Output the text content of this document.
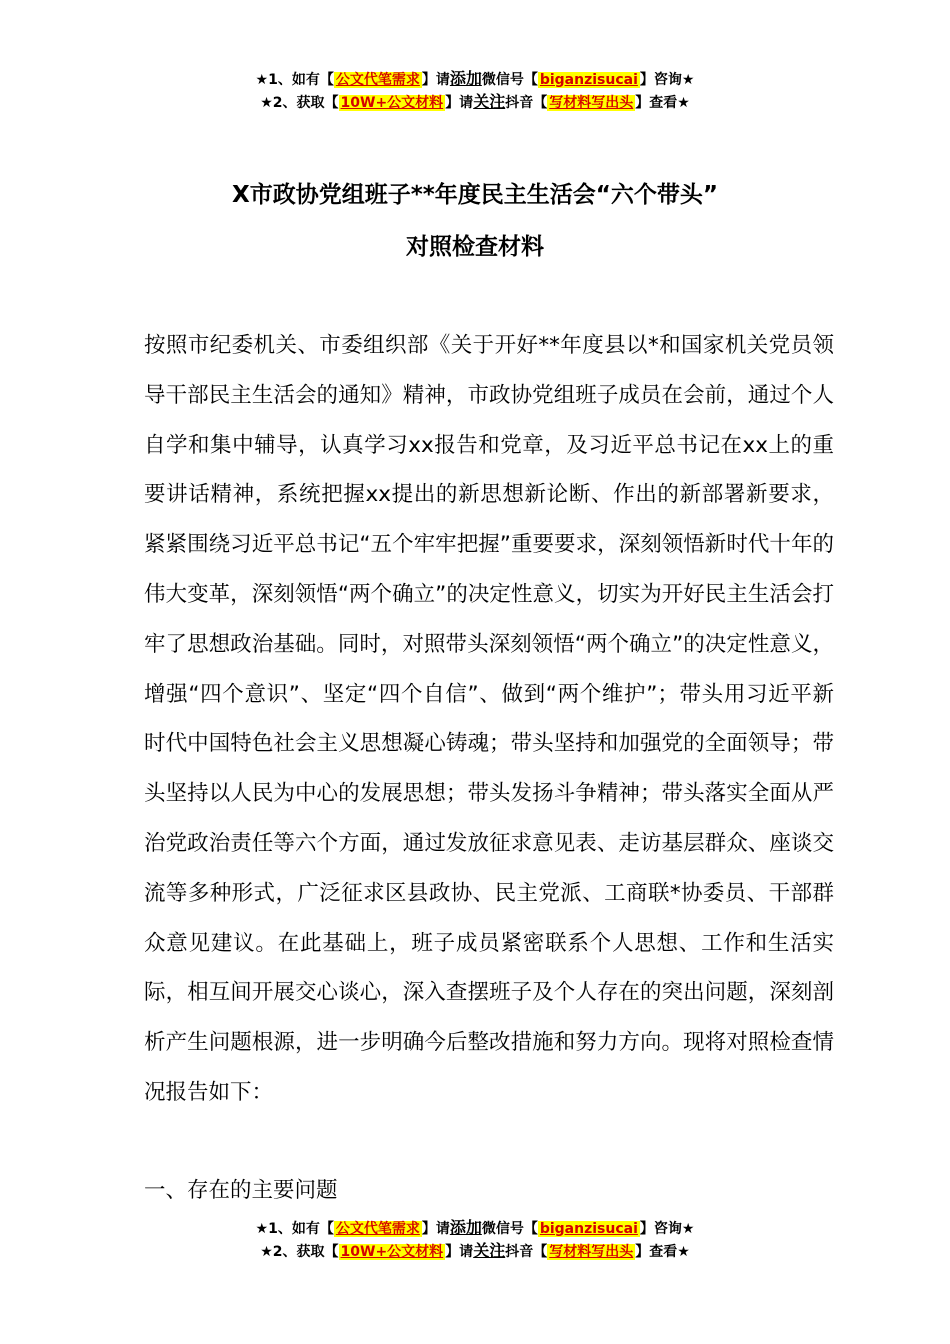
★1、如有【 公文代笔需求 】请添加微信号【 biganzisucai 】咨询★
★2、获取【 10W+公文材料 】请关注抖音【 写材料写出头 】查看★
X市政协党组班子**年度民主生活会“六个带头”
对照检查材料

按照市纪委机关、市委组织部《关于开好**年度县以*和国家机关党员领导干部民主生活会的通知》精神，市政协党组班子成员在会前，通过个人自学和集中辅导，认真学习xx报告和党章，及习近平总书记在xx上的重要讲话精神，系统把握xx提出的新思想新论断、作出的新部署新要求，紧紧围绕习近平总书记“五个牢牢把握”重要要求，深刻领悟新时代十年的伟大变革，深刻领悟“两个确立”的决定性意义，切实为开好民主生活会打牢了思想政治基础。同时，对照带头深刻领悟“两个确立”的决定性意义，增强“四个意识”、坚定“四个自信”、做到“两个维护”；带头用习近平新时代中国特色社会主义思想凝心铸魂；带头坚持和加强党的全面领导；带头坚持以人民为中心的发展思想；带头发扬斗争精神；带头落实全面从严治党政治责任等六个方面，通过发放征求意见表、走访基层群众、座谈交流等多种形式，广泛征求区县政协、民主党派、工商联*协委员、干部群众意见建议。在此基础上，班子成员紧密联系个人思想、工作和生活实际，相互间开展交心谈心，深入查摆班子及个人存在的突出问题，深刻剖析产生问题根源，进一步明确今后整改措施和努力方向。现将对照检查情况报告如下：

一、存在的主要问题
★1、如有【 公文代笔需求 】请添加微信号【 biganzisucai 】咨询★
★2、获取【 10W+公文材料 】请关注抖音【 写材料写出头 】查看★
